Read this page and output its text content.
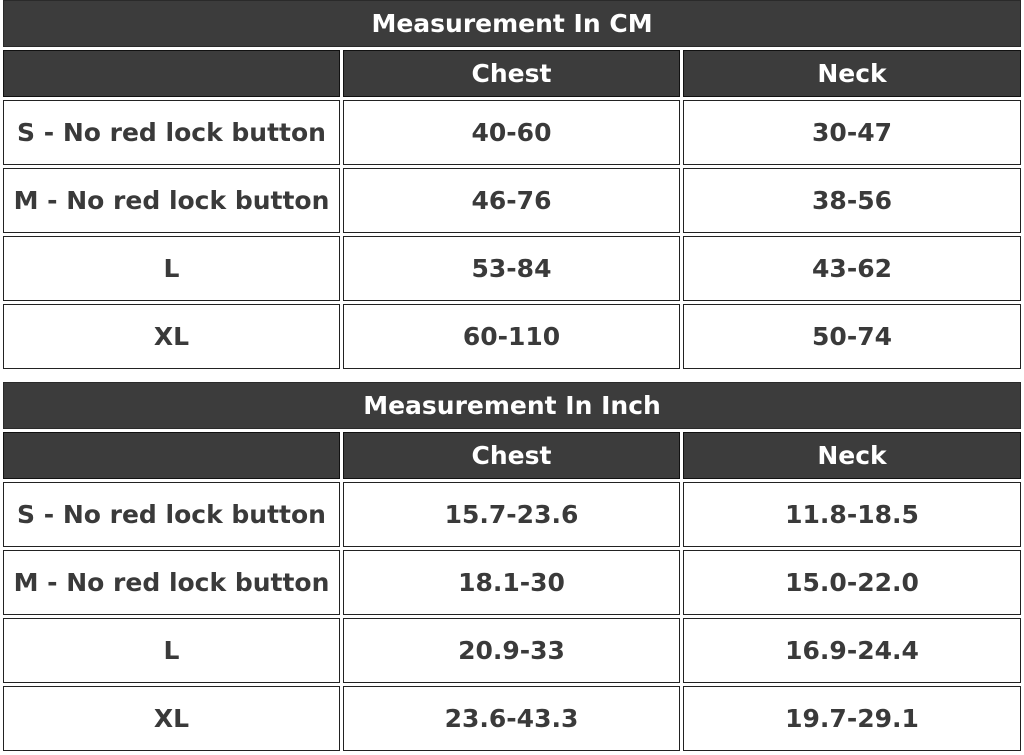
Measurement In CM		
	Chest	Neck
S - No red lock button	40-60	30-47
M - No red lock button	46-76	38-56
L	53-84	43-62
XL	60-110	50-74
Measurement In Inch		
	Chest	Neck
S - No red lock button	15.7-23.6	11.8-18.5
M - No red lock button	18.1-30	15.0-22.0
L	20.9-33	16.9-24.4
XL	23.6-43.3	19.7-29.1
